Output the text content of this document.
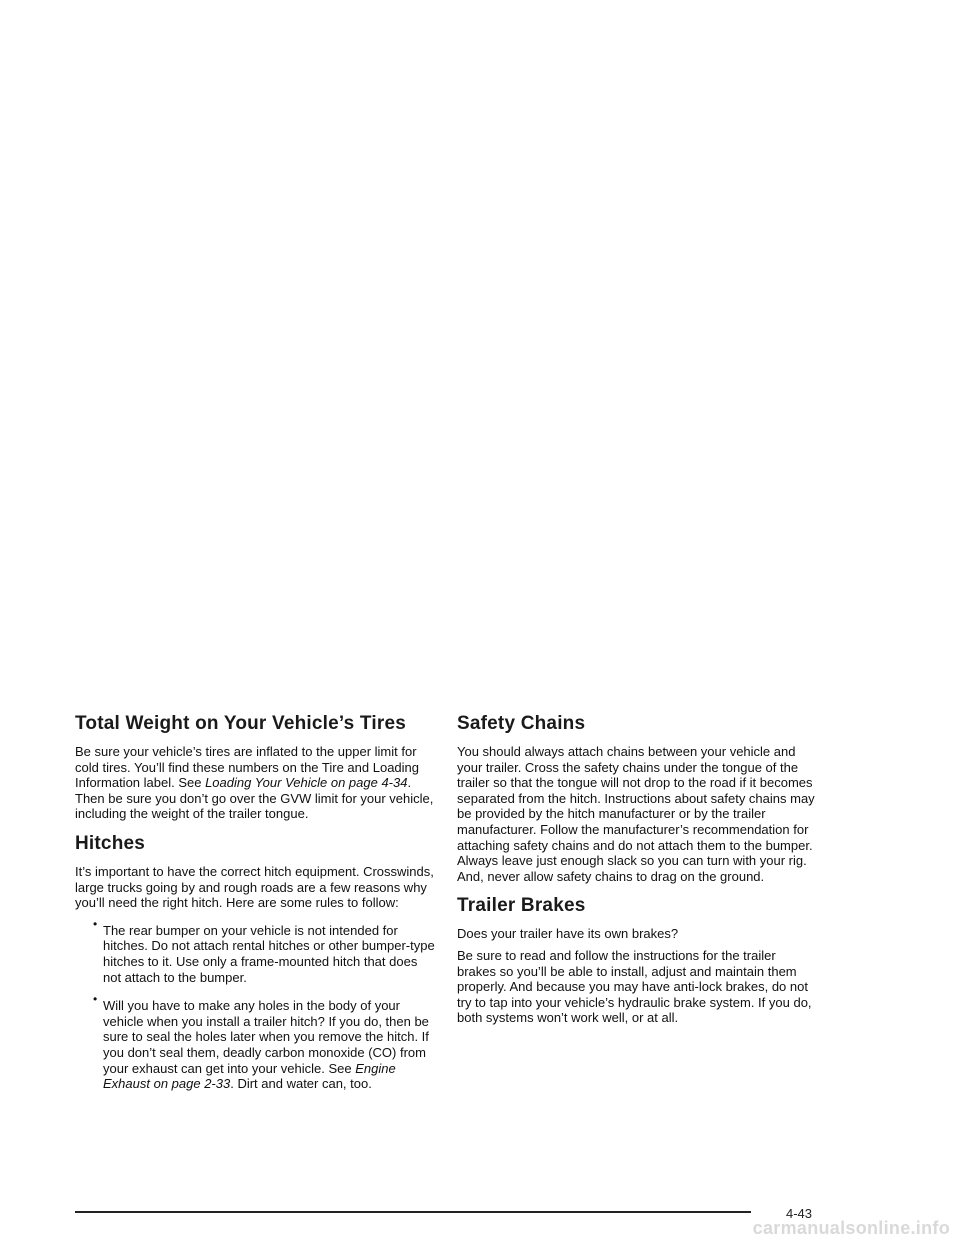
Total Weight on Your Vehicle’s Tires

Be sure your vehicle’s tires are inflated to the upper limit for cold tires. You’ll find these numbers on the Tire and Loading Information label. See Loading Your Vehicle on page 4-34. Then be sure you don’t go over the GVW limit for your vehicle, including the weight of the trailer tongue.

Hitches

It’s important to have the correct hitch equipment. Crosswinds, large trucks going by and rough roads are a few reasons why you’ll need the right hitch. Here are some rules to follow:

• The rear bumper on your vehicle is not intended for hitches. Do not attach rental hitches or other bumper-type hitches to it. Use only a frame-mounted hitch that does not attach to the bumper.
• Will you have to make any holes in the body of your vehicle when you install a trailer hitch? If you do, then be sure to seal the holes later when you remove the hitch. If you don’t seal them, deadly carbon monoxide (CO) from your exhaust can get into your vehicle. See Engine Exhaust on page 2-33. Dirt and water can, too.
Safety Chains

You should always attach chains between your vehicle and your trailer. Cross the safety chains under the tongue of the trailer so that the tongue will not drop to the road if it becomes separated from the hitch. Instructions about safety chains may be provided by the hitch manufacturer or by the trailer manufacturer. Follow the manufacturer’s recommendation for attaching safety chains and do not attach them to the bumper. Always leave just enough slack so you can turn with your rig. And, never allow safety chains to drag on the ground.

Trailer Brakes

Does your trailer have its own brakes?

Be sure to read and follow the instructions for the trailer brakes so you’ll be able to install, adjust and maintain them properly. And because you may have anti-lock brakes, do not try to tap into your vehicle’s hydraulic brake system. If you do, both systems won’t work well, or at all.

4-43
carmanualsonline.info
